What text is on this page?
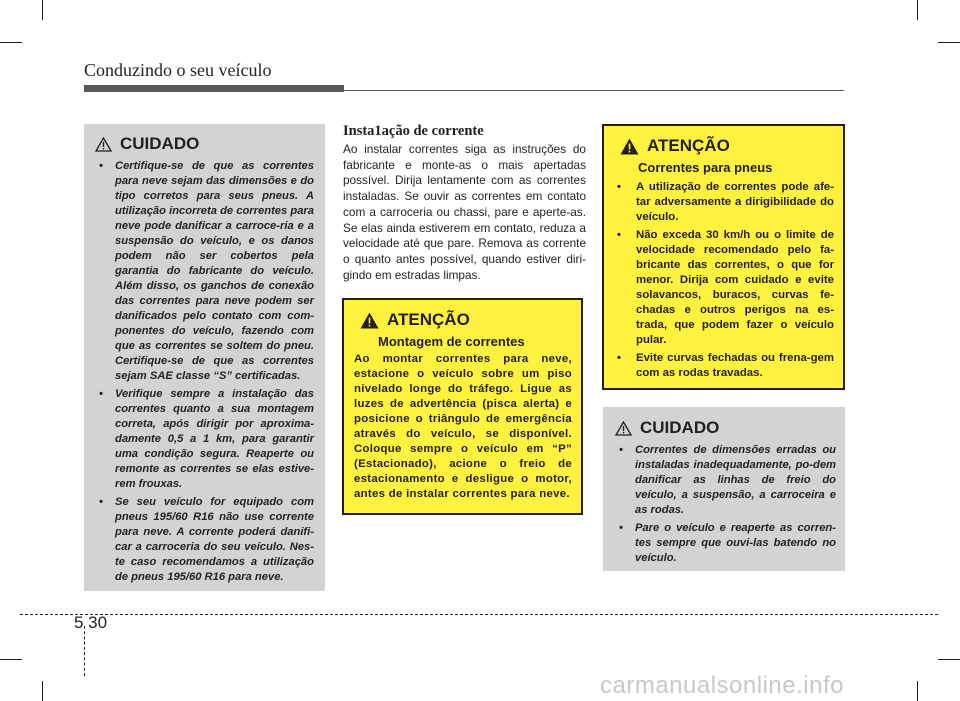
Conduzindo o seu veículo
CUIDADO
• Certifique-se de que as correntes para neve sejam das dimensões e do tipo corretos para seus pneus. A utilização incorreta de correntes para neve pode danificar a carroce-ria e a suspensão do veículo, e os danos podem não ser cobertos pela garantia do fabricante do veículo. Além disso, os ganchos de conexão das correntes para neve podem ser danificados pelo contato com com-ponentes do veículo, fazendo com que as correntes se soltem do pneu. Certifique-se de que as correntes sejam SAE classe “S” certificadas.
• Verifique sempre a instalação das correntes quanto a sua montagem correta, após dirigir por aproxima-damente 0,5 a 1 km, para garantir uma condição segura. Reaperte ou remonte as correntes se elas estive-rem frouxas.
• Se seu veículo for equipado com pneus 195/60 R16 não use corrente para neve. A corrente poderá danifi-car a carroceria do seu veículo. Nes-te caso recomendamos a utilização de pneus 195/60 R16 para neve.
Insta1ação de corrente
Ao instalar correntes siga as instruções do fabricante e monte-as o mais apertadas possível. Dirija lentamente com as correntes instaladas. Se ouvir as correntes em contato com a carroceria ou chassi, pare e aperte-as. Se elas ainda estiverem em contato, reduza a velocidade até que pare. Remova as corrente o quanto antes possível, quando estiver diri-gindo em estradas limpas.
ATENÇÃO
Montagem de correntes
Ao montar correntes para neve, estacione o veículo sobre um piso nivelado longe do tráfego. Ligue as luzes de advertência (pisca alerta) e posicione o triângulo de emergência através do veículo, se disponível. Coloque sempre o veículo em “P” (Estacionado), acione o freio de estacionamento e desligue o motor, antes de instalar correntes para neve.
ATENÇÃO
Correntes para pneus
• A utilização de correntes pode afe-tar adversamente a dirigibilidade do veículo.
• Não exceda 30 km/h ou o limite de velocidade recomendado pelo fa-bricante das correntes, o que for menor. Dirija com cuidado e evite solavancos, buracos, curvas fe-chadas e outros perigos na es-trada, que podem fazer o veículo pular.
• Evite curvas fechadas ou frena-gem com as rodas travadas.
CUIDADO
• Correntes de dimensões erradas ou instaladas inadequadamente, po-dem danificar as linhas de freio do veículo, a suspensão, a carroceira e as rodas.
• Pare o veículo e reaperte as corren-tes sempre que ouvi-las batendo no veículo.
5 30
carmanualsonline.info
